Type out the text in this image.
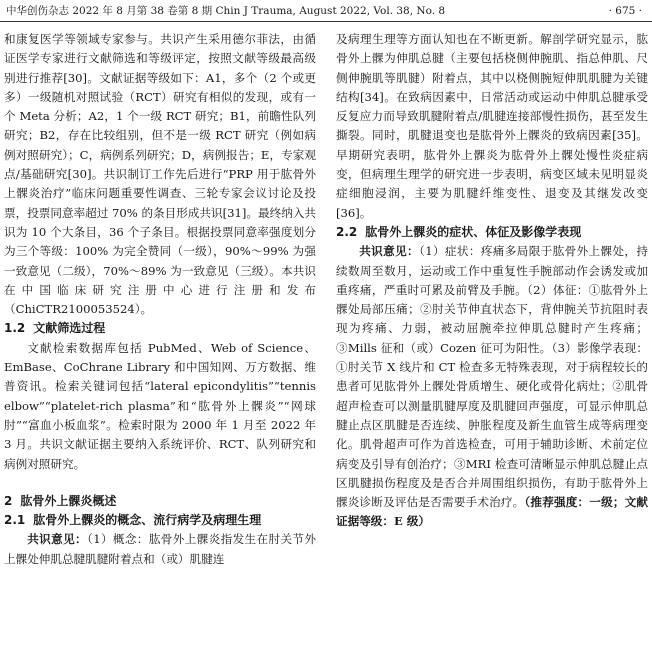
中华创伤杂志 2022 年 8 月第 38 卷第 8 期 Chin J Trauma, August 2022, Vol. 38, No. 8	· 675 ·

和康复医学等领域专家参与。共识产生采用德尔菲法，由循证医学专家进行文献筛选和等级评定，按照文献等级最高级别进行推荐[30]。文献证据等级如下：A1，多个（2 个或更多）一级随机对照试验（RCT）研究有相似的发现，或有一个 Meta 分析；A2，1 个一级 RCT 研究；B1，前瞻性队列研究；B2，存在比较组别，但不是一级 RCT 研究（例如病例对照研究）；C，病例系列研究；D，病例报告；E，专家观点/基础研究[30]。共识制订工作先后进行“PRP 用于肱骨外上髁炎治疗”临床问题重要性调查、三轮专家会议讨论及投票，投票同意率超过 70% 的条目形成共识[31]。最终纳入共识为 10 个大条目，36 个子条目。根据投票同意率强度划分为三个等级：100% 为完全赞同（一级），90%～99% 为强一致意见（二级），70%～89% 为一致意见（三级）。本共识在中国临床研究注册中心进行注册和发布（ChiCTR2100053524）。

1.2 文献筛选过程

文献检索数据库包括 PubMed、Web of Science、EmBase、CoChrane Library 和中国知网、万方数据、维普资讯。检索关键词包括“lateral epicondylitis”“tennis elbow”“platelet-rich plasma”和“肱骨外上髁炎”“网球肘”“富血小板血浆”。检索时限为 2000 年 1 月至 2022 年 3 月。共识文献证据主要纳入系统评价、RCT、队列研究和病例对照研究。

2 肱骨外上髁炎概述

2.1 肱骨外上髁炎的概念、流行病学及病理生理

共识意见：（1）概念：肱骨外上髁炎指发生在肘关节外上髁处伸肌总腱肌腱附着点和（或）肌腱连

及病理生理等方面认知也在不断更新。解剖学研究显示，肱骨外上髁为伸肌总腱（主要包括桡侧伸腕肌、指总伸肌、尺侧伸腕肌等肌腱）附着点，其中以桡侧腕短伸肌肌腱为关键结构[34]。在致病因素中，日常活动或运动中伸肌总腱承受反复应力而导致肌腱附着点/肌腱连接部慢性损伤，甚至发生撕裂。同时，肌腱退变也是肱骨外上髁炎的致病因素[35]。早期研究表明，肱骨外上髁炎为肱骨外上髁处慢性炎症病变，但病理生理学的研究进一步表明，病变区域未见明显炎症细胞浸润，主要为肌腱纤维变性、退变及其继发改变[36]。

2.2 肱骨外上髁炎的症状、体征及影像学表现

共识意见：（1）症状：疼痛多局限于肱骨外上髁处，持续数周至数月，运动或工作中重复性手腕部动作会诱发或加重疼痛，严重时可累及前臂及手腕。（2）体征：①肱骨外上髁处局部压痛；②肘关节伸直状态下，背伸腕关节抗阻时表现为疼痛、力弱，被动屈腕牵拉伸肌总腱时产生疼痛；③Mills 征和（或）Cozen 征可为阳性。（3）影像学表现：①肘关节 X 线片和 CT 检查多无特殊表现，对于病程较长的患者可见肱骨外上髁处骨质增生、硬化或骨化病灶；②肌骨超声检查可以测量肌腱厚度及肌腱回声强度，可显示伸肌总腱止点区肌腱是否连续、肿胀程度及新生血管生成等病理变化。肌骨超声可作为首选检查，可用于辅助诊断、术前定位病变及引导有创治疗；③MRI 检查可清晰显示伸肌总腱止点区肌腱损伤程度及是否合并周围组织损伤，有助于肱骨外上髁炎诊断及评估是否需要手术治疗。（推荐强度：一级；文献证据等级：E 级）
